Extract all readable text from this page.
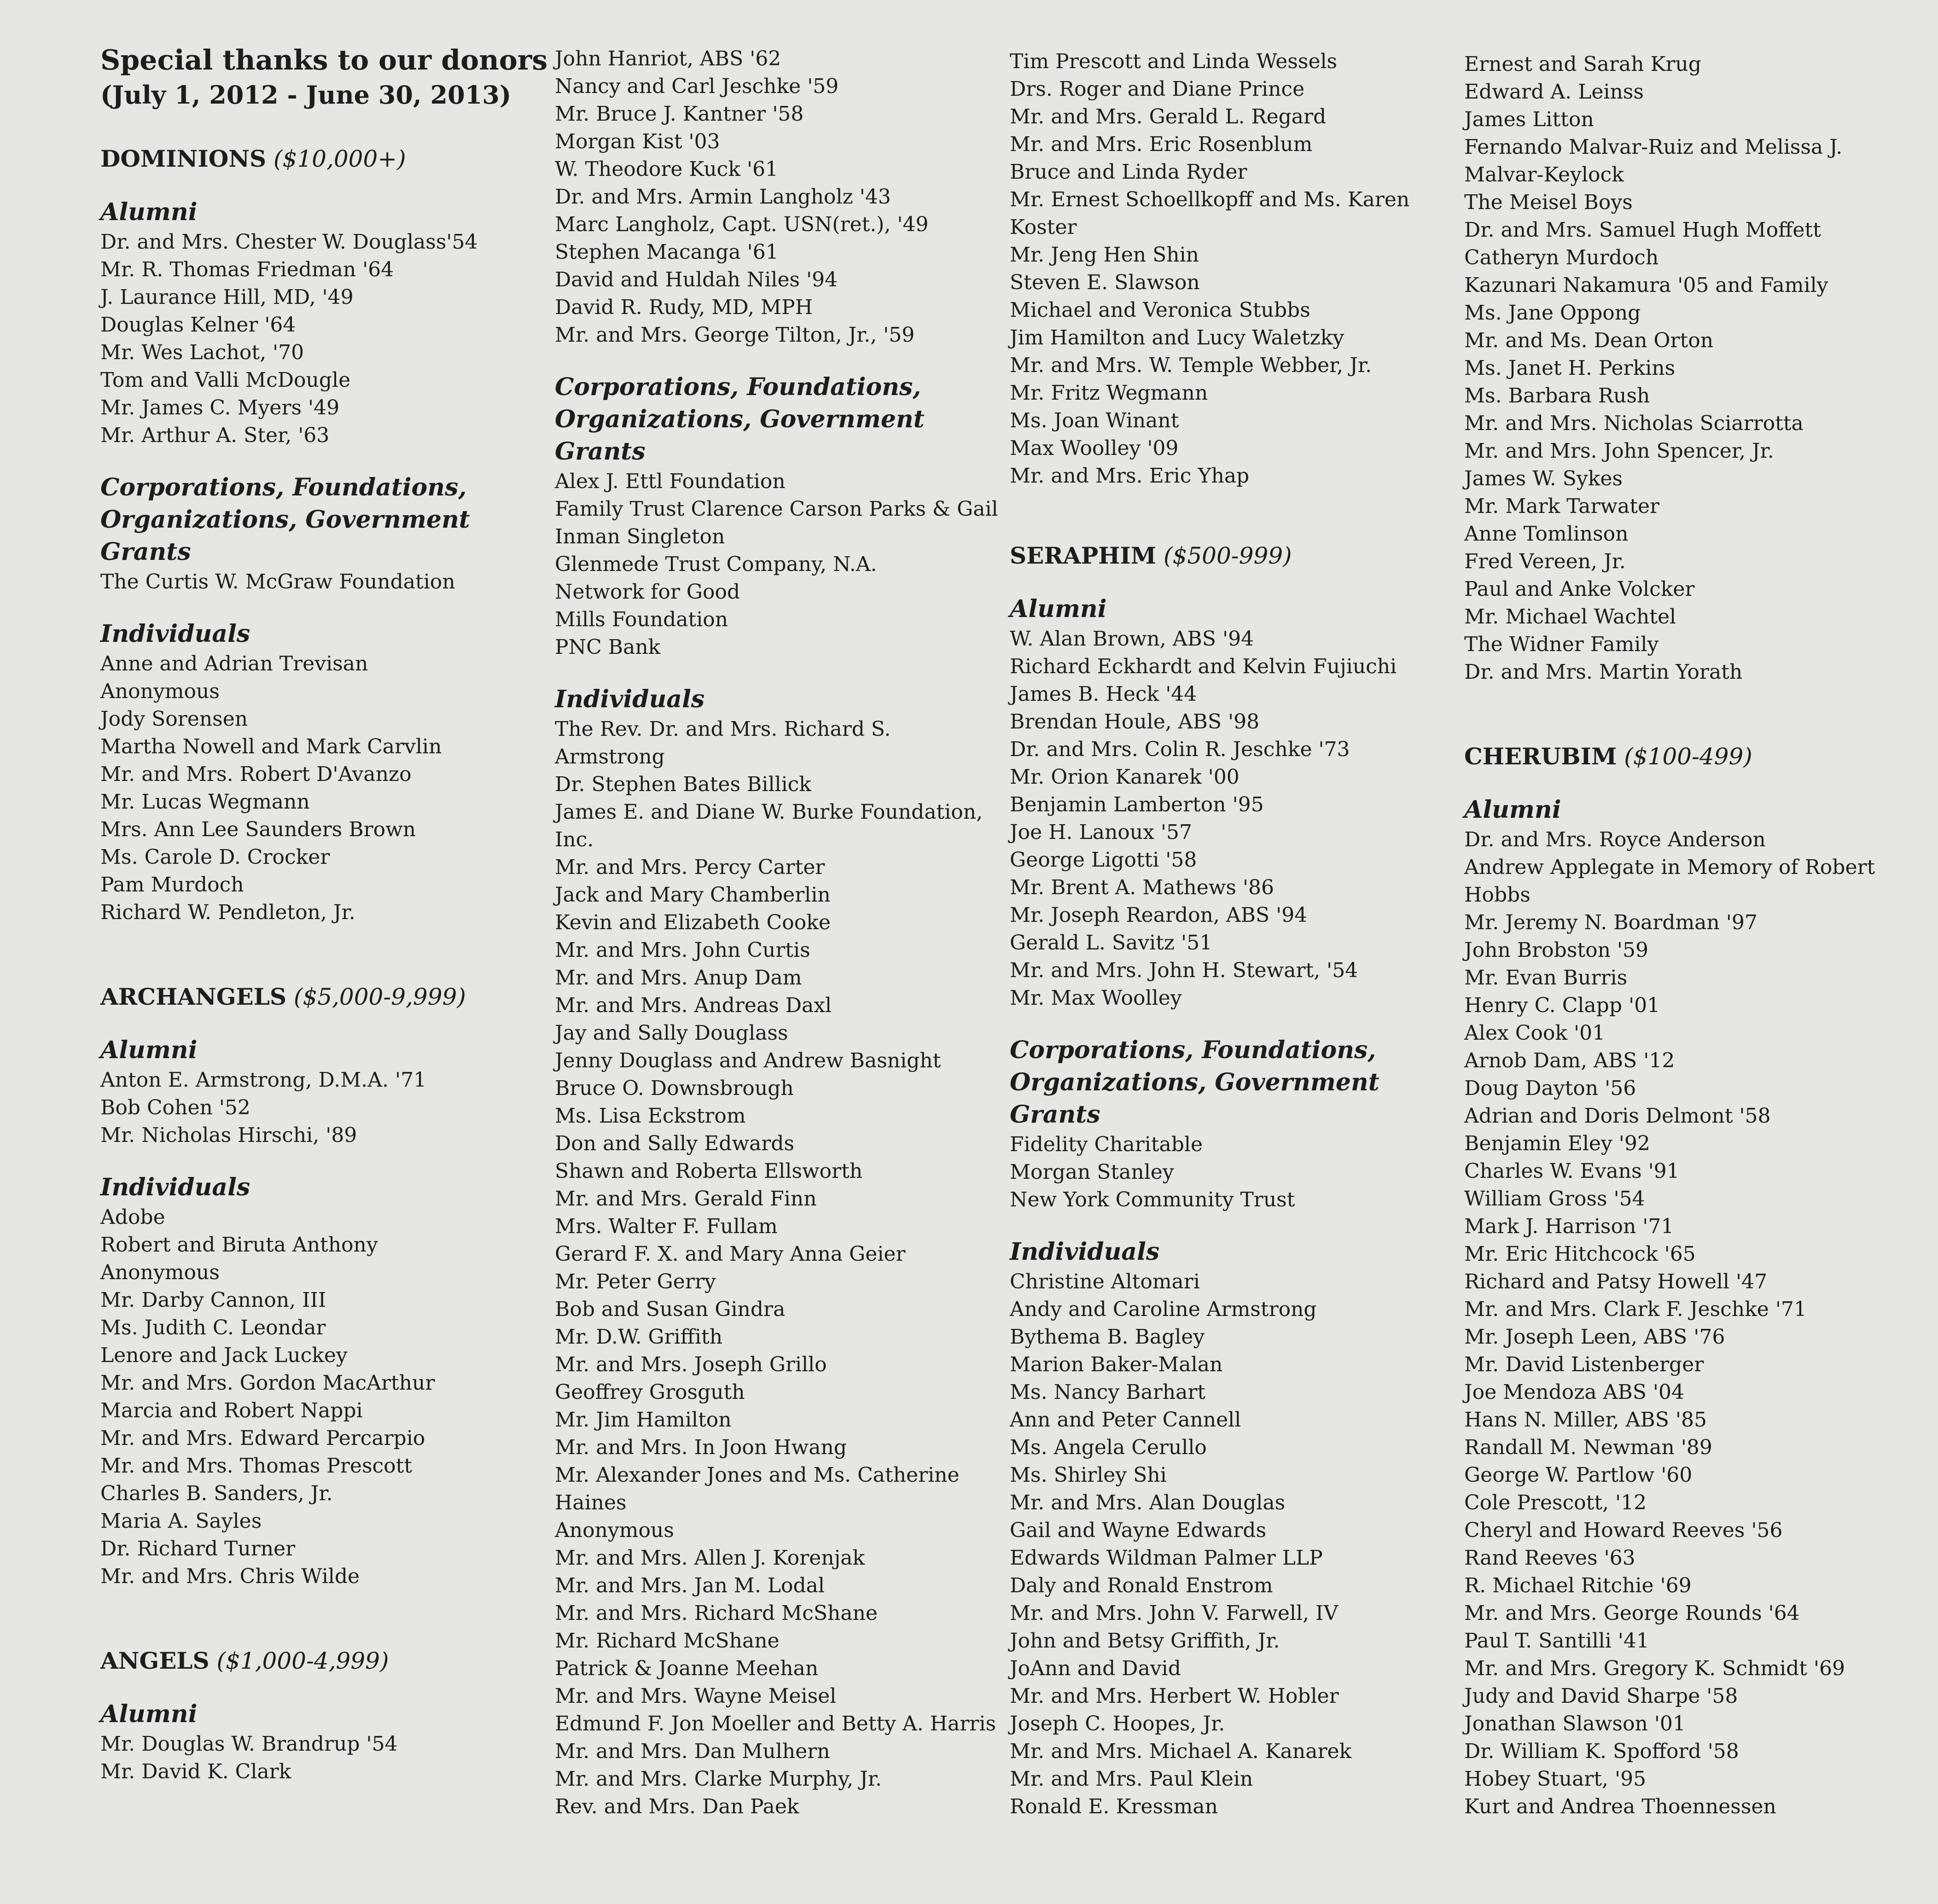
Special thanks to our donors
(July 1, 2012 - June 30, 2013)
DOMINIONS ($10,000+)
Alumni
Dr. and Mrs. Chester W. Douglass'54
Mr. R. Thomas Friedman '64
J. Laurance Hill, MD, '49
Douglas Kelner '64
Mr. Wes Lachot, '70
Tom and Valli McDougle
Mr. James C. Myers '49
Mr. Arthur A. Ster, '63
Corporations, Foundations,
Organizations, Government
Grants
The Curtis W. McGraw Foundation
Individuals
Anne and Adrian Trevisan
Anonymous
Jody Sorensen
Martha Nowell and Mark Carvlin
Mr. and Mrs. Robert D'Avanzo
Mr. Lucas Wegmann
Mrs. Ann Lee Saunders Brown
Ms. Carole D. Crocker
Pam Murdoch
Richard W. Pendleton, Jr.
ARCHANGELS ($5,000-9,999)
Alumni
Anton E. Armstrong, D.M.A. '71
Bob Cohen '52
Mr. Nicholas Hirschi, '89
Individuals
Adobe
Robert and Biruta Anthony
Anonymous
Mr. Darby Cannon, III
Ms. Judith C. Leondar
Lenore and Jack Luckey
Mr. and Mrs. Gordon MacArthur
Marcia and Robert Nappi
Mr. and Mrs. Edward Percarpio
Mr. and Mrs. Thomas Prescott
Charles B. Sanders, Jr.
Maria A. Sayles
Dr. Richard Turner
Mr. and Mrs. Chris Wilde
ANGELS ($1,000-4,999)
Alumni
Mr. Douglas W. Brandrup '54
Mr. David K. Clark
John Hanriot, ABS '62
Nancy and Carl Jeschke '59
Mr. Bruce J. Kantner '58
Morgan Kist '03
W. Theodore Kuck '61
Dr. and Mrs. Armin Langholz '43
Marc Langholz, Capt. USN(ret.), '49
Stephen Macanga '61
David and Huldah Niles '94
David R. Rudy, MD, MPH
Mr. and Mrs. George Tilton, Jr., '59
Corporations, Foundations,
Organizations, Government
Grants
Alex J. Ettl Foundation
Family Trust Clarence Carson Parks & Gail
Inman Singleton
Glenmede Trust Company, N.A.
Network for Good
Mills Foundation
PNC Bank
Individuals
The Rev. Dr. and Mrs. Richard S.
Armstrong
Dr. Stephen Bates Billick
James E. and Diane W. Burke Foundation,
Inc.
Mr. and Mrs. Percy Carter
Jack and Mary Chamberlin
Kevin and Elizabeth Cooke
Mr. and Mrs. John Curtis
Mr. and Mrs. Anup Dam
Mr. and Mrs. Andreas Daxl
Jay and Sally Douglass
Jenny Douglass and Andrew Basnight
Bruce O. Downsbrough
Ms. Lisa Eckstrom
Don and Sally Edwards
Shawn and Roberta Ellsworth
Mr. and Mrs. Gerald Finn
Mrs. Walter F. Fullam
Gerard F. X. and Mary Anna Geier
Mr. Peter Gerry
Bob and Susan Gindra
Mr. D.W. Griffith
Mr. and Mrs. Joseph Grillo
Geoffrey Grosguth
Mr. Jim Hamilton
Mr. and Mrs. In Joon Hwang
Mr. Alexander Jones and Ms. Catherine
Haines
Anonymous
Mr. and Mrs. Allen J. Korenjak
Mr. and Mrs. Jan M. Lodal
Mr. and Mrs. Richard McShane
Mr. Richard McShane
Patrick & Joanne Meehan
Mr. and Mrs. Wayne Meisel
Edmund F. Jon Moeller and Betty A. Harris
Mr. and Mrs. Dan Mulhern
Mr. and Mrs. Clarke Murphy, Jr.
Rev. and Mrs. Dan Paek
Tim Prescott and Linda Wessels
Drs. Roger and Diane Prince
Mr. and Mrs. Gerald L. Regard
Mr. and Mrs. Eric Rosenblum
Bruce and Linda Ryder
Mr. Ernest Schoellkopff and Ms. Karen
Koster
Mr. Jeng Hen Shin
Steven E. Slawson
Michael and Veronica Stubbs
Jim Hamilton and Lucy Waletzky
Mr. and Mrs. W. Temple Webber, Jr.
Mr. Fritz Wegmann
Ms. Joan Winant
Max Woolley '09
Mr. and Mrs. Eric Yhap
SERAPHIM ($500-999)
Alumni
W. Alan Brown, ABS '94
Richard Eckhardt and Kelvin Fujiuchi
James B. Heck '44
Brendan Houle, ABS '98
Dr. and Mrs. Colin R. Jeschke '73
Mr. Orion Kanarek '00
Benjamin Lamberton '95
Joe H. Lanoux '57
George Ligotti '58
Mr. Brent A. Mathews '86
Mr. Joseph Reardon, ABS '94
Gerald L. Savitz '51
Mr. and Mrs. John H. Stewart, '54
Mr. Max Woolley
Corporations, Foundations,
Organizations, Government
Grants
Fidelity Charitable
Morgan Stanley
New York Community Trust
Individuals
Christine Altomari
Andy and Caroline Armstrong
Bythema B. Bagley
Marion Baker-Malan
Ms. Nancy Barhart
Ann and Peter Cannell
Ms. Angela Cerullo
Ms. Shirley Shi
Mr. and Mrs. Alan Douglas
Gail and Wayne Edwards
Edwards Wildman Palmer LLP
Daly and Ronald Enstrom
Mr. and Mrs. John V. Farwell, IV
John and Betsy Griffith, Jr.
JoAnn and David
Mr. and Mrs. Herbert W. Hobler
Joseph C. Hoopes, Jr.
Mr. and Mrs. Michael A. Kanarek
Mr. and Mrs. Paul Klein
Ronald E. Kressman
Ernest and Sarah Krug
Edward A. Leinss
James Litton
Fernando Malvar-Ruiz and Melissa J.
Malvar-Keylock
The Meisel Boys
Dr. and Mrs. Samuel Hugh Moffett
Catheryn Murdoch
Kazunari Nakamura '05 and Family
Ms. Jane Oppong
Mr. and Ms. Dean Orton
Ms. Janet H. Perkins
Ms. Barbara Rush
Mr. and Mrs. Nicholas Sciarrotta
Mr. and Mrs. John Spencer, Jr.
James W. Sykes
Mr. Mark Tarwater
Anne Tomlinson
Fred Vereen, Jr.
Paul and Anke Volcker
Mr. Michael Wachtel
The Widner Family
Dr. and Mrs. Martin Yorath
CHERUBIM ($100-499)
Alumni
Dr. and Mrs. Royce Anderson
Andrew Applegate in Memory of Robert
Hobbs
Mr. Jeremy N. Boardman '97
John Brobston '59
Mr. Evan Burris
Henry C. Clapp '01
Alex Cook '01
Arnob Dam, ABS '12
Doug Dayton '56
Adrian and Doris Delmont '58
Benjamin Eley '92
Charles W. Evans '91
William Gross '54
Mark J. Harrison '71
Mr. Eric Hitchcock '65
Richard and Patsy Howell '47
Mr. and Mrs. Clark F. Jeschke '71
Mr. Joseph Leen, ABS '76
Mr. David Listenberger
Joe Mendoza ABS '04
Hans N. Miller, ABS '85
Randall M. Newman '89
George W. Partlow '60
Cole Prescott, '12
Cheryl and Howard Reeves '56
Rand Reeves '63
R. Michael Ritchie '69
Mr. and Mrs. George Rounds '64
Paul T. Santilli '41
Mr. and Mrs. Gregory K. Schmidt '69
Judy and David Sharpe '58
Jonathan Slawson '01
Dr. William K. Spofford '58
Hobey Stuart, '95
Kurt and Andrea Thoennessen
